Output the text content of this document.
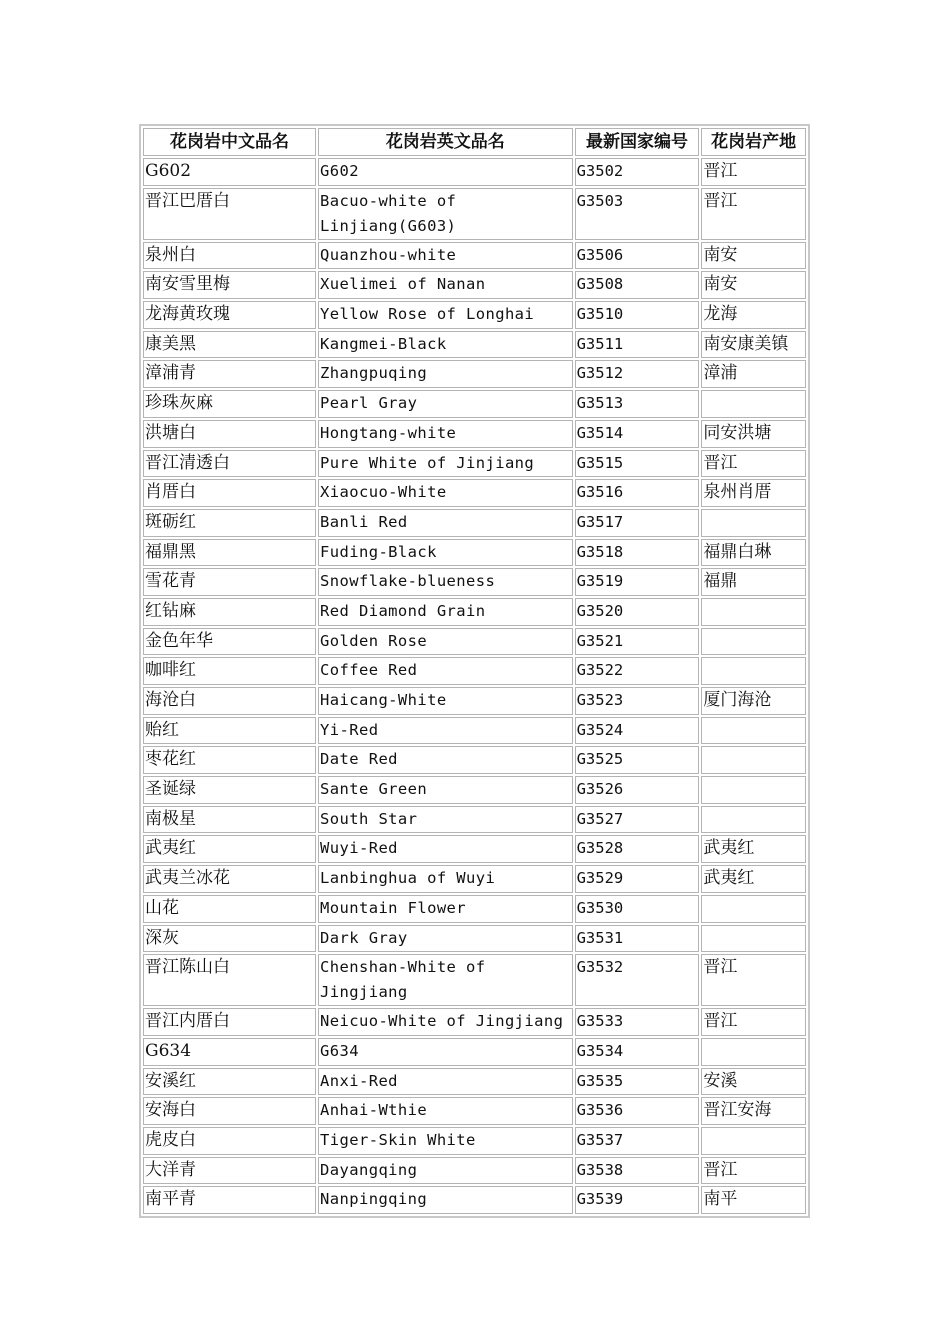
花岗岩中文品名	花岗岩英文品名	最新国家编号	花岗岩产地
G602	G602	G3502	晋江
晋江巴厝白	Bacuo-white of Linjiang(G603)	G3503	晋江
泉州白	Quanzhou-white	G3506	南安
南安雪里梅	Xuelimei of Nanan	G3508	南安
龙海黄玫瑰	Yellow Rose of Longhai	G3510	龙海
康美黑	Kangmei-Black	G3511	南安康美镇
漳浦青	Zhangpuqing	G3512	漳浦
珍珠灰麻	Pearl Gray	G3513	
洪塘白	Hongtang-white	G3514	同安洪塘
晋江清透白	Pure White of Jinjiang	G3515	晋江
肖厝白	Xiaocuo-White	G3516	泉州肖厝
斑砺红	Banli Red	G3517	
福鼎黑	Fuding-Black	G3518	福鼎白琳
雪花青	Snowflake-blueness	G3519	福鼎
红钻麻	Red Diamond Grain	G3520	
金色年华	Golden Rose	G3521	
咖啡红	Coffee Red	G3522	
海沧白	Haicang-White	G3523	厦门海沧
贻红	Yi-Red	G3524	
枣花红	Date Red	G3525	
圣诞绿	Sante Green	G3526	
南极星	South Star	G3527	
武夷红	Wuyi-Red	G3528	武夷红
武夷兰冰花	Lanbinghua of Wuyi	G3529	武夷红
山花	Mountain Flower	G3530	
深灰	Dark Gray	G3531	
晋江陈山白	Chenshan-White of Jingjiang	G3532	晋江
晋江内厝白	Neicuo-White of Jingjiang	G3533	晋江
G634	G634	G3534	
安溪红	Anxi-Red	G3535	安溪
安海白	Anhai-Wthie	G3536	晋江安海
虎皮白	Tiger-Skin White	G3537	
大洋青	Dayangqing	G3538	晋江
南平青	Nanpingqing	G3539	南平
